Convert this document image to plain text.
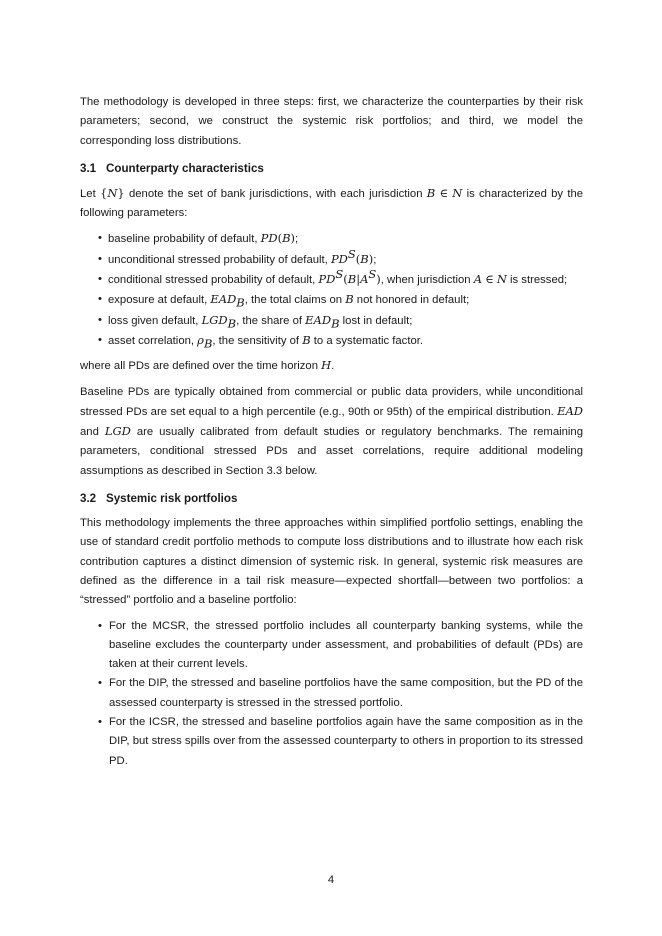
The methodology is developed in three steps: first, we characterize the counterparties by their risk parameters; second, we construct the systemic risk portfolios; and third, we model the corresponding loss distributions.

3.1 Counterparty characteristics

Let {N} denote the set of bank jurisdictions, with each jurisdiction B ∈ N is characterized by the following parameters:

• baseline probability of default, PD(B);
• unconditional stressed probability of default, $PD^S(B)$;
• conditional stressed probability of default, $PD^S(B|A^S)$, when jurisdiction A ∈ N is stressed;
• exposure at default, $EAD_B$, the total claims on B not honored in default;
• loss given default, $LGD_B$, the share of $EAD_B$ lost in default;
• asset correlation, $\rho_B$, the sensitivity of B to a systematic factor.

where all PDs are defined over the time horizon H.

Baseline PDs are typically obtained from commercial or public data providers, while unconditional stressed PDs are set equal to a high percentile (e.g., 90th or 95th) of the empirical distribution. EAD and LGD are usually calibrated from default studies or regulatory benchmarks. The remaining parameters, conditional stressed PDs and asset correlations, require additional modeling assumptions as described in Section 3.3 below.

3.2 Systemic risk portfolios

This methodology implements the three approaches within simplified portfolio settings, enabling the use of standard credit portfolio methods to compute loss distributions and to illustrate how each risk contribution captures a distinct dimension of systemic risk. In general, systemic risk measures are defined as the difference in a tail risk measure—expected shortfall—between two portfolios: a “stressed” portfolio and a baseline portfolio:

• For the MCSR, the stressed portfolio includes all counterparty banking systems, while the baseline excludes the counterparty under assessment, and probabilities of default (PDs) are taken at their current levels.
• For the DIP, the stressed and baseline portfolios have the same composition, but the PD of the assessed counterparty is stressed in the stressed portfolio.
• For the ICSR, the stressed and baseline portfolios again have the same composition as in the DIP, but stress spills over from the assessed counterparty to others in proportion to its stressed PD.
4
